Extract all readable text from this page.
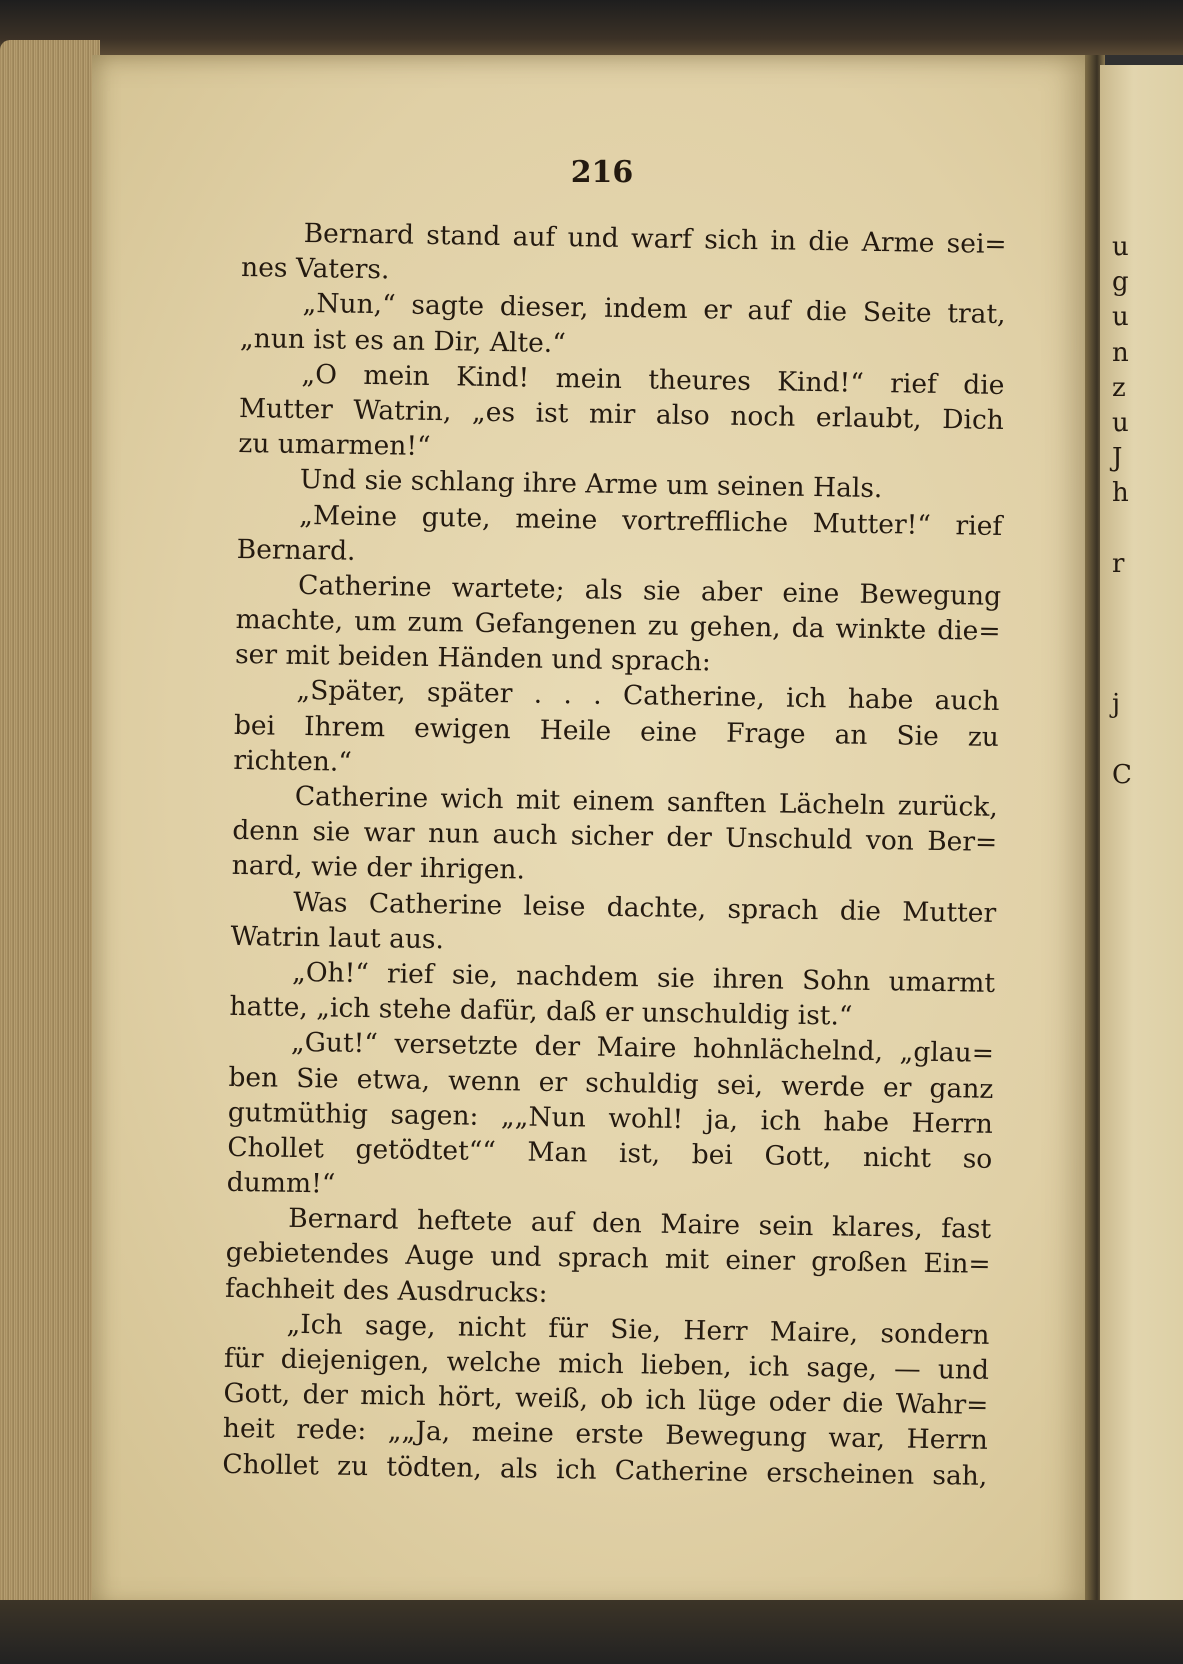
216
Bernard stand auf und warf sich in die Arme sei=
nes Vaters.
„Nun,“ sagte dieser, indem er auf die Seite trat,
„nun ist es an Dir, Alte.“
„O mein Kind! mein theures Kind!“ rief die
Mutter Watrin, „es ist mir also noch erlaubt, Dich
zu umarmen!“
Und sie schlang ihre Arme um seinen Hals.
„Meine gute, meine vortreffliche Mutter!“ rief
Bernard.
Catherine wartete; als sie aber eine Bewegung
machte, um zum Gefangenen zu gehen, da winkte die=
ser mit beiden Händen und sprach:
„Später, später . . . Catherine, ich habe auch
bei Ihrem ewigen Heile eine Frage an Sie zu
richten.“
Catherine wich mit einem sanften Lächeln zurück,
denn sie war nun auch sicher der Unschuld von Ber=
nard, wie der ihrigen.
Was Catherine leise dachte, sprach die Mutter
Watrin laut aus.
„Oh!“ rief sie, nachdem sie ihren Sohn umarmt
hatte, „ich stehe dafür, daß er unschuldig ist.“
„Gut!“ versetzte der Maire hohnlächelnd, „glau=
ben Sie etwa, wenn er schuldig sei, werde er ganz
gutmüthig sagen: „„Nun wohl! ja, ich habe Herrn
Chollet getödtet““ Man ist, bei Gott, nicht so
dumm!“
Bernard heftete auf den Maire sein klares, fast
gebietendes Auge und sprach mit einer großen Ein=
fachheit des Ausdrucks:
„Ich sage, nicht für Sie, Herr Maire, sondern
für diejenigen, welche mich lieben, ich sage, — und
Gott, der mich hört, weiß, ob ich lüge oder die Wahr=
heit rede: „„Ja, meine erste Bewegung war, Herrn
Chollet zu tödten, als ich Catherine erscheinen sah,
u
g
u
n
z
u
J
h
r
j
C
